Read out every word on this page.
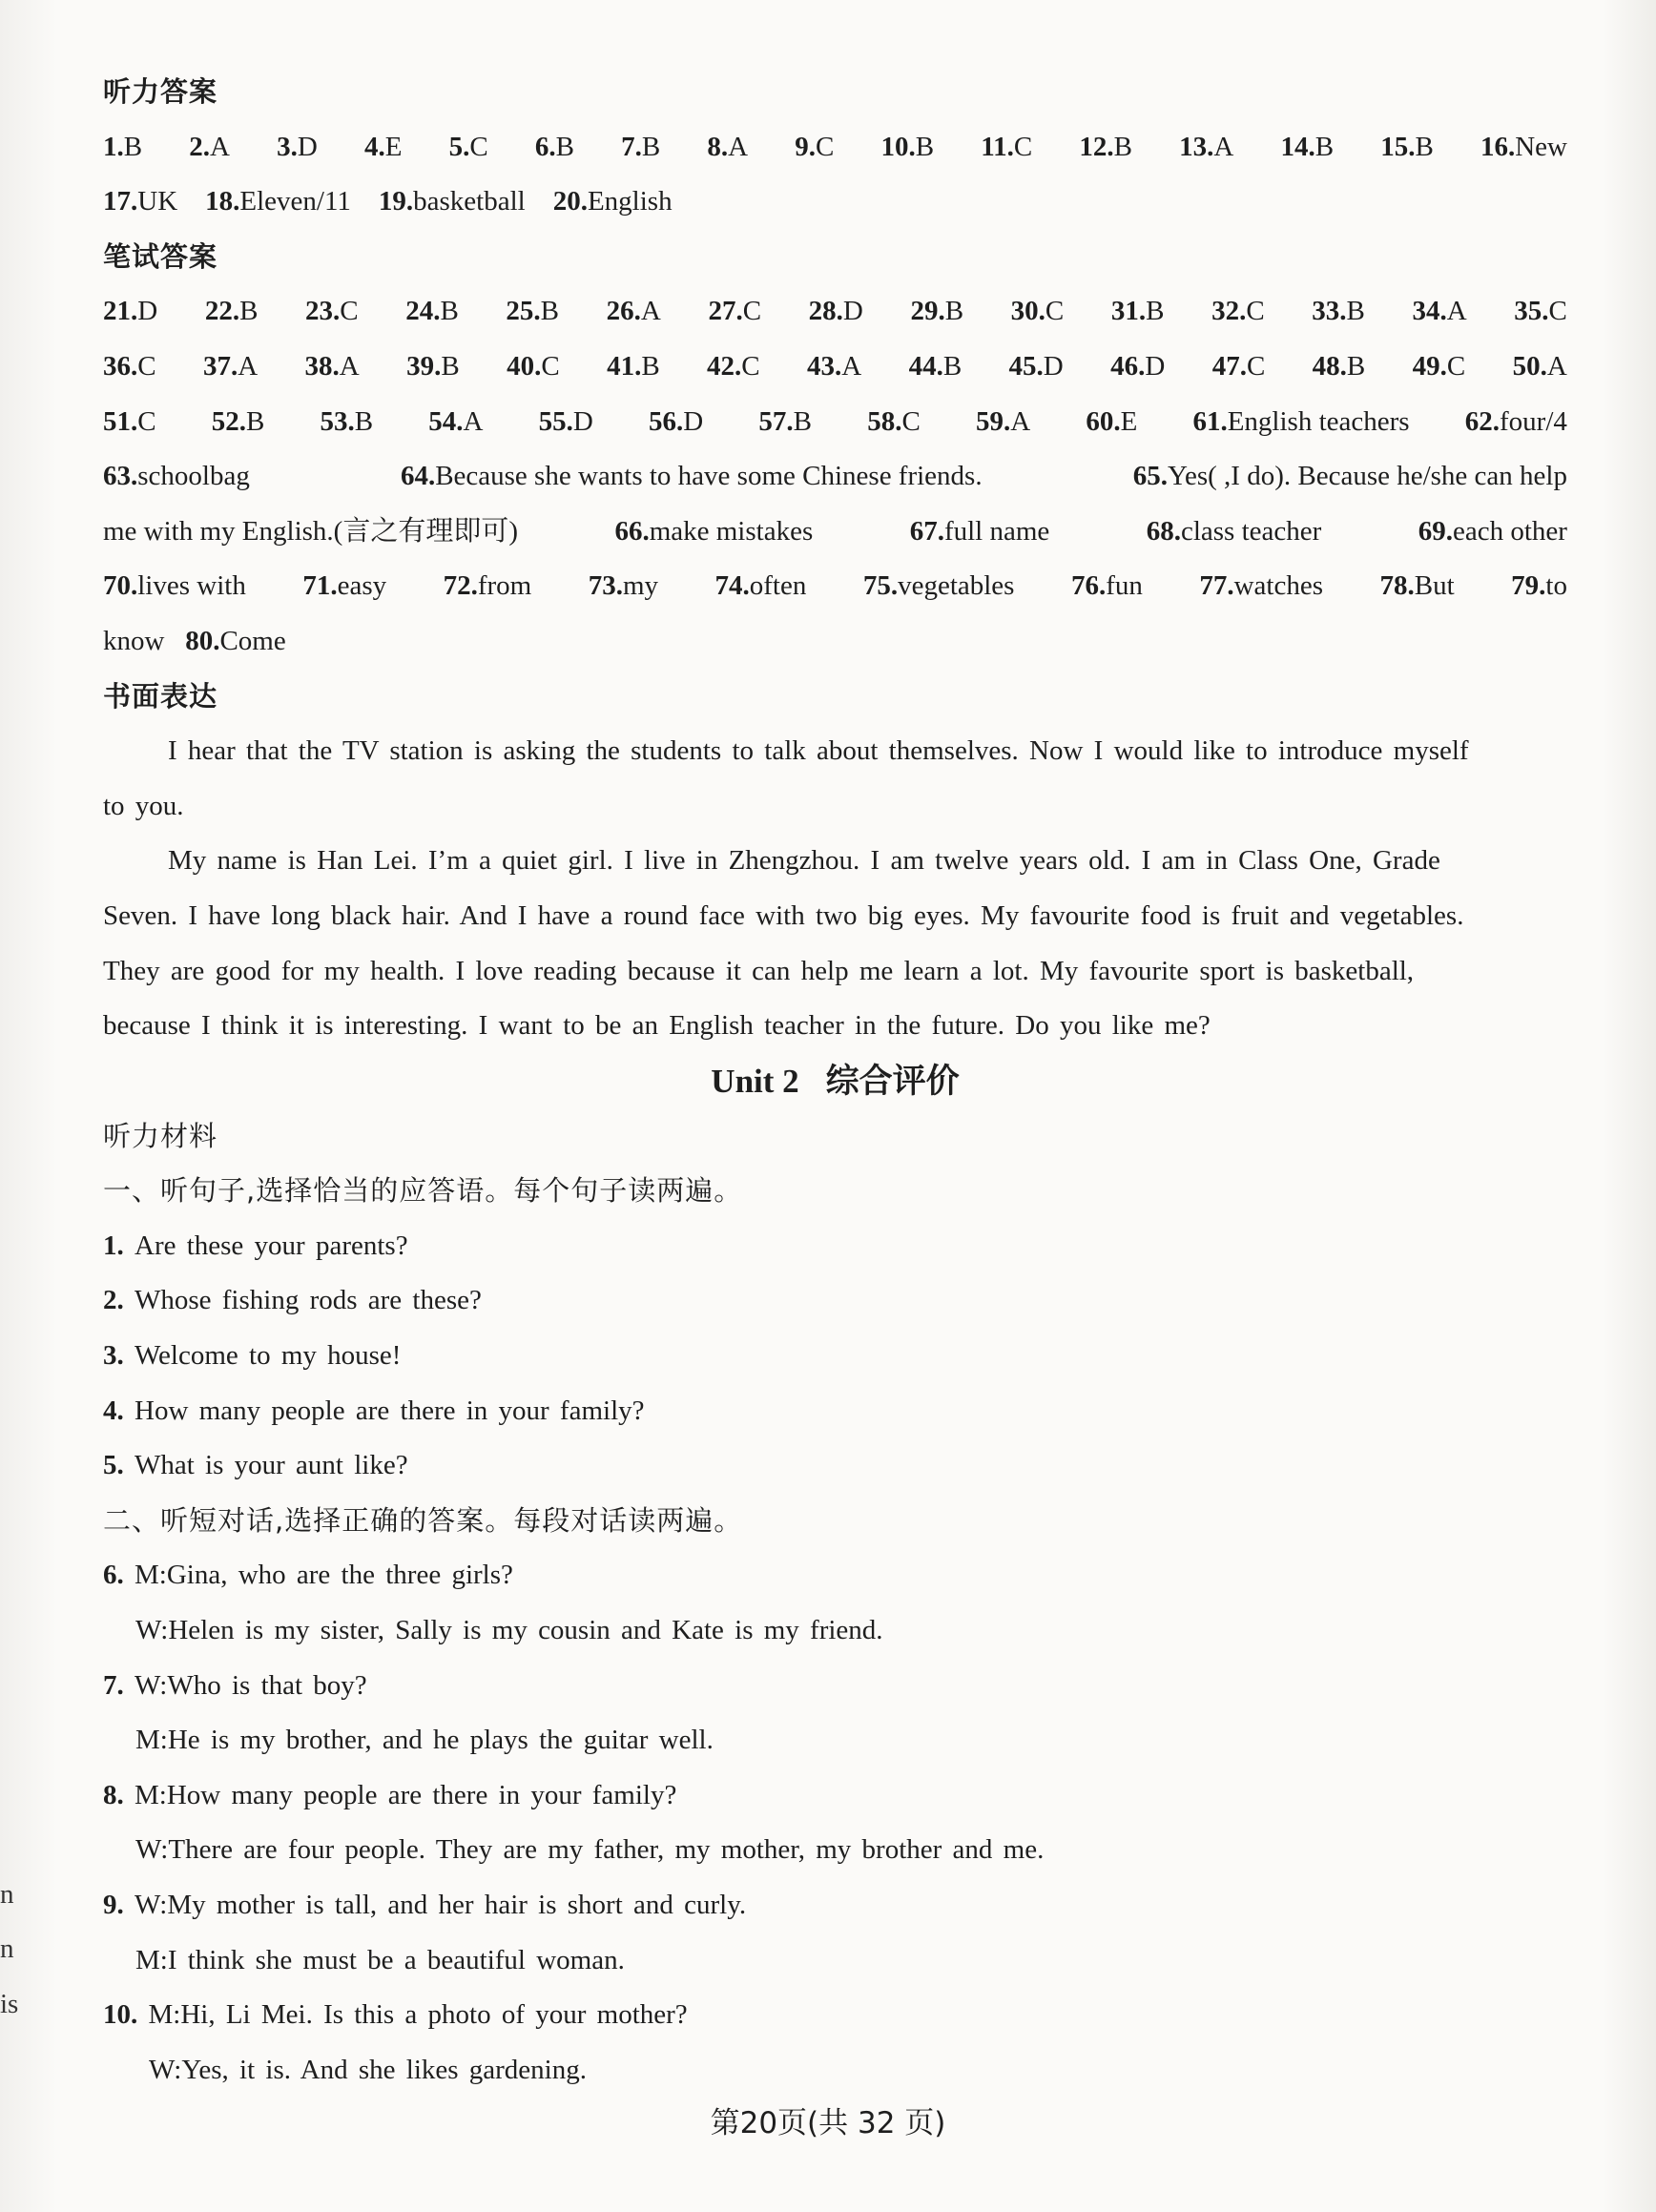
n
n
is
听力答案
1.B 2.A 3.D 4.E 5.C 6.B 7.B 8.A 9.C 10.B 11.C 12.B 13.A 14.B 15.B 16.New
17.UK 18.Eleven/11 19.basketball 20.English
笔试答案
21.D 22.B 23.C 24.B 25.B 26.A 27.C 28.D 29.B 30.C 31.B 32.C 33.B 34.A 35.C
36.C 37.A 38.A 39.B 40.C 41.B 42.C 43.A 44.B 45.D 46.D 47.C 48.B 49.C 50.A
51.C 52.B 53.B 54.A 55.D 56.D 57.B 58.C 59.A 60.E 61.English teachers 62.four/4
63.schoolbag	64.Because she wants to have some Chinese friends.	65.Yes( ,I do). Because he/she can help
me with my English.(言之有理即可)	66.make mistakes	67.full name	68.class teacher	69.each other
70.lives with 71.easy 72.from 73.my 74.often 75.vegetables 76.fun 77.watches 78.But 79.to
know 80.Come
书面表达
I hear that the TV station is asking the students to talk about themselves. Now I would like to introduce myself
to you.
My name is Han Lei. I’m a quiet girl. I live in Zhengzhou. I am twelve years old. I am in Class One, Grade
Seven. I have long black hair. And I have a round face with two big eyes. My favourite food is fruit and vegetables.
They are good for my health. I love reading because it can help me learn a lot. My favourite sport is basketball,
because I think it is interesting. I want to be an English teacher in the future. Do you like me?
Unit 2 综合评价
听力材料
一、听句子,选择恰当的应答语。每个句子读两遍。
1. Are these your parents?
2. Whose fishing rods are these?
3. Welcome to my house!
4. How many people are there in your family?
5. What is your aunt like?
二、听短对话,选择正确的答案。每段对话读两遍。
6. M:Gina, who are the three girls?
W:Helen is my sister, Sally is my cousin and Kate is my friend.
7. W:Who is that boy?
M:He is my brother, and he plays the guitar well.
8. M:How many people are there in your family?
W:There are four people. They are my father, my mother, my brother and me.
9. W:My mother is tall, and her hair is short and curly.
M:I think she must be a beautiful woman.
10. M:Hi, Li Mei. Is this a photo of your mother?
W:Yes, it is. And she likes gardening.
第20页(共 32 页)
